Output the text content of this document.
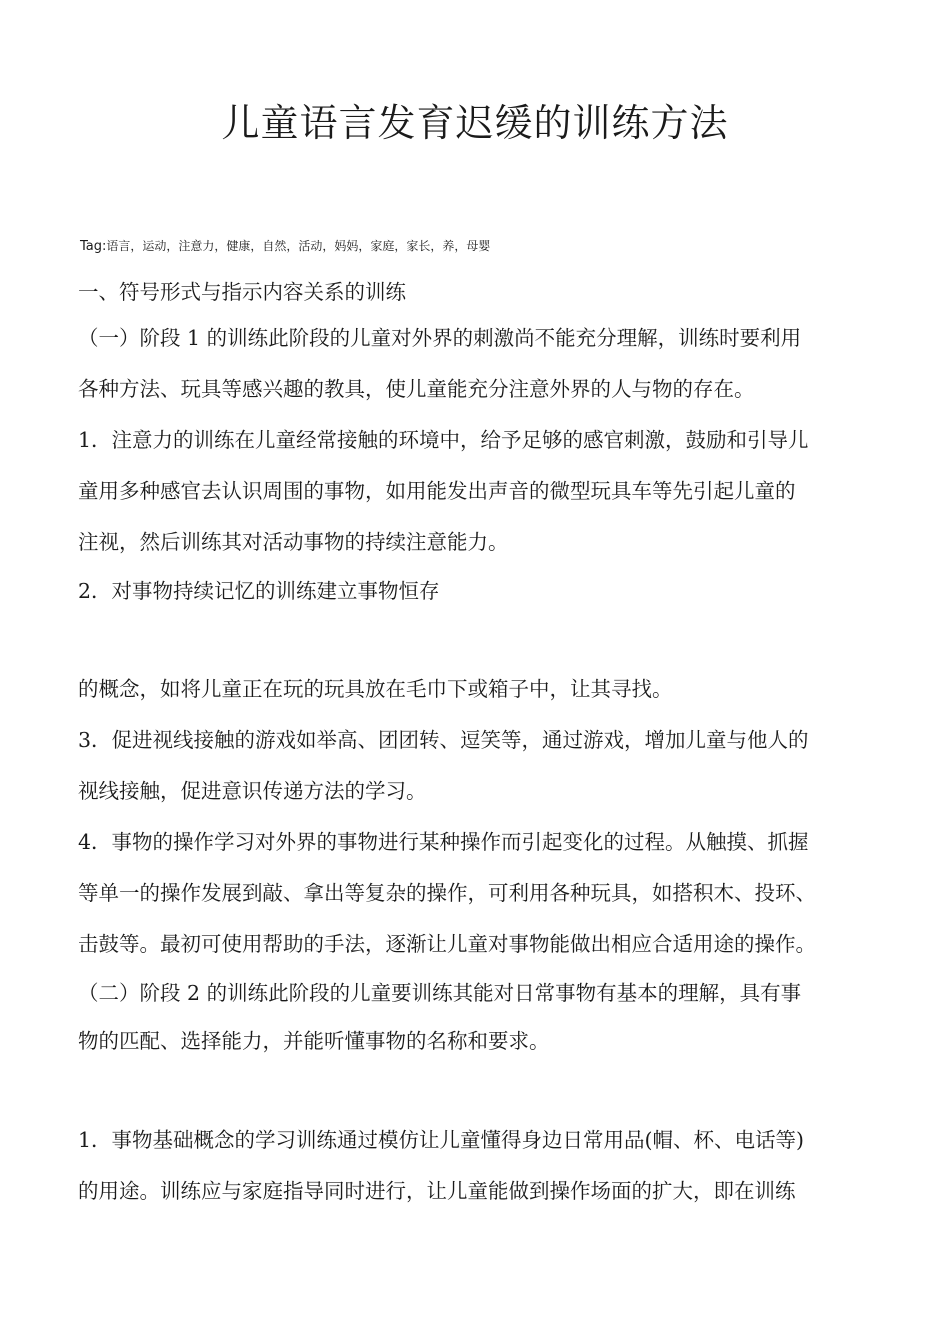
儿童语言发育迟缓的训练方法
Tag:语言，运动，注意力，健康，自然，活动，妈妈，家庭，家长，养，母婴
一、符号形式与指示内容关系的训练
（一）阶段 1 的训练此阶段的儿童对外界的刺激尚不能充分理解，训练时要利用
各种方法、玩具等感兴趣的教具，使儿童能充分注意外界的人与物的存在。
1．注意力的训练在儿童经常接触的环境中，给予足够的感官刺激，鼓励和引导儿
童用多种感官去认识周围的事物，如用能发出声音的微型玩具车等先引起儿童的
注视，然后训练其对活动事物的持续注意能力。
2．对事物持续记忆的训练建立事物恒存
的概念，如将儿童正在玩的玩具放在毛巾下或箱子中，让其寻找。
3．促进视线接触的游戏如举高、团团转、逗笑等，通过游戏，增加儿童与他人的
视线接触，促进意识传递方法的学习。
4．事物的操作学习对外界的事物进行某种操作而引起变化的过程。从触摸、抓握
等单一的操作发展到敲、拿出等复杂的操作，可利用各种玩具，如搭积木、投环、
击鼓等。最初可使用帮助的手法，逐渐让儿童对事物能做出相应合适用途的操作。
（二）阶段 2 的训练此阶段的儿童要训练其能对日常事物有基本的理解，具有事
物的匹配、选择能力，并能听懂事物的名称和要求。
1．事物基础概念的学习训练通过模仿让儿童懂得身边日常用品(帽、杯、电话等)
的用途。训练应与家庭指导同时进行，让儿童能做到操作场面的扩大，即在训练
